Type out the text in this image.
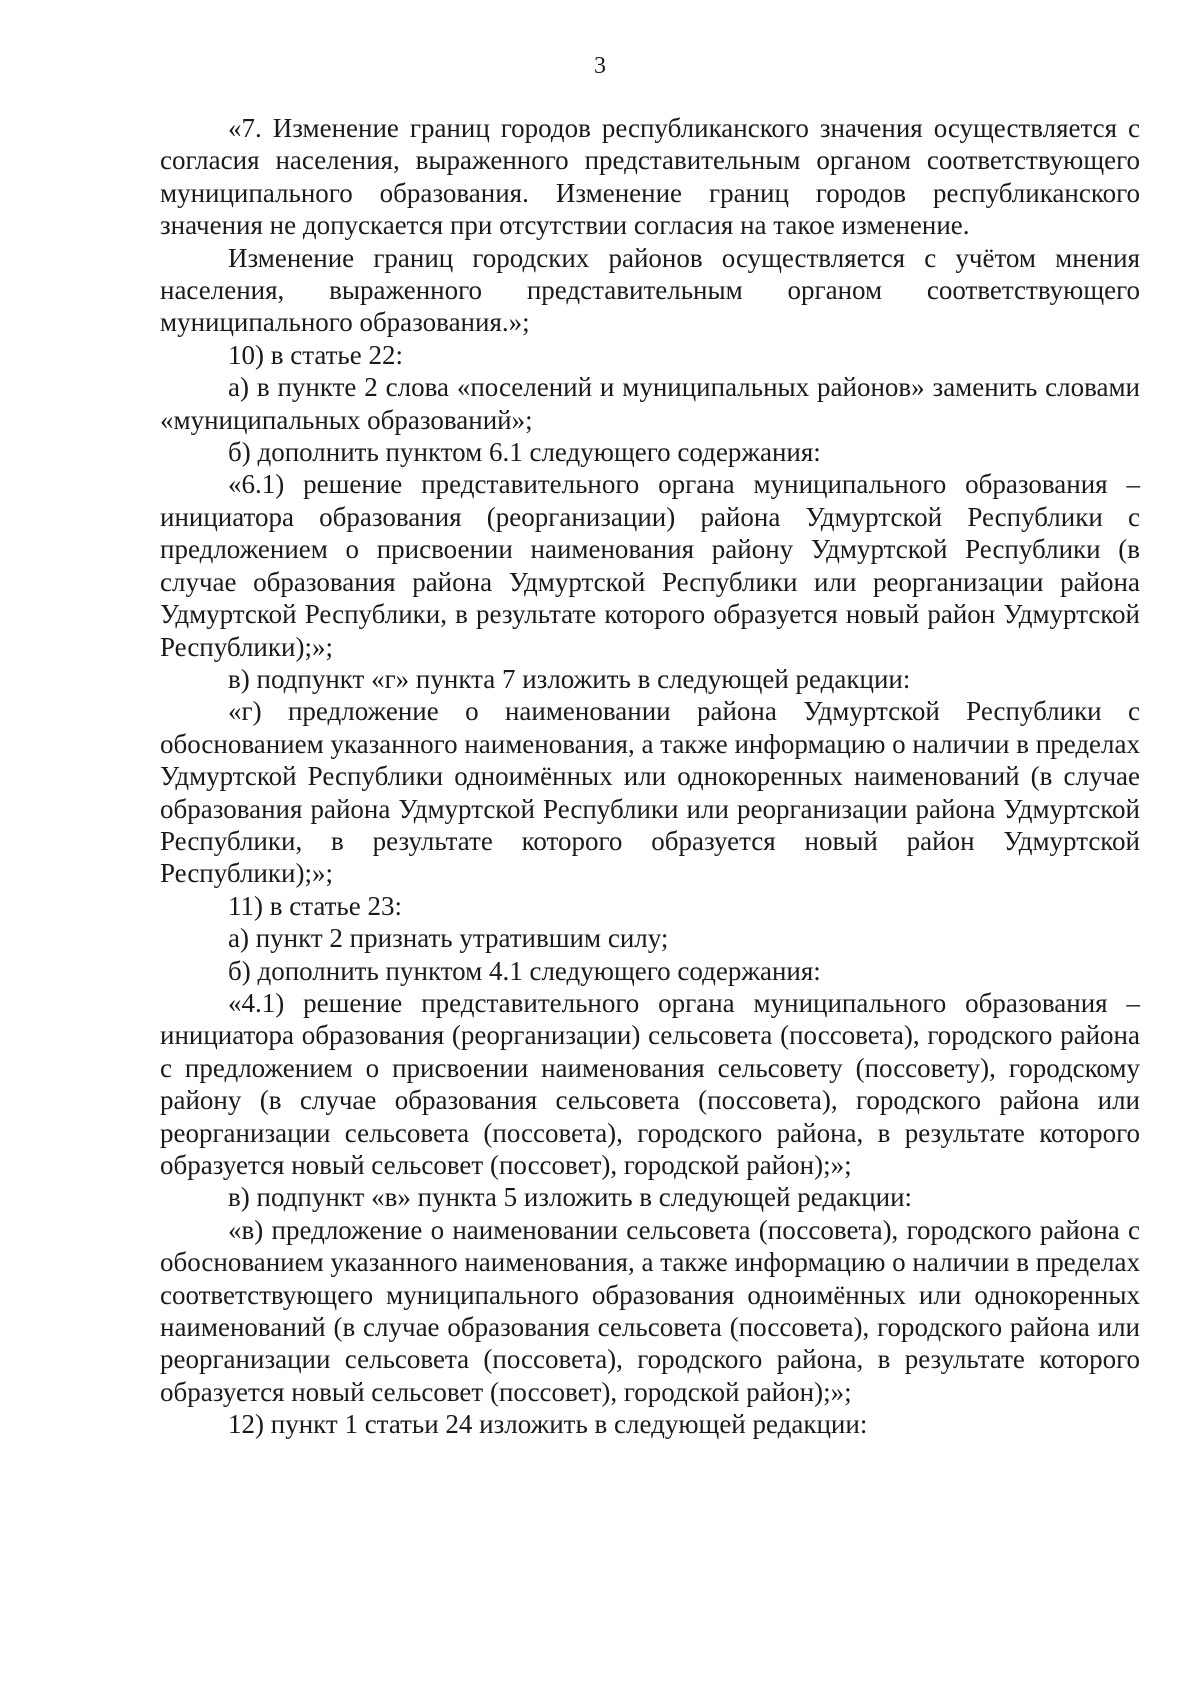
3

«7. Изменение границ городов республиканского значения осуществляется с согласия населения, выраженного представительным органом соответствующего муниципального образования. Изменение границ городов республиканского значения не допускается при отсутствии согласия на такое изменение.

Изменение границ городских районов осуществляется с учётом мнения населения, выраженного представительным органом соответствующего муниципального образования.»;

10) в статье 22:

а) в пункте 2 слова «поселений и муниципальных районов» заменить словами «муниципальных образований»;

б) дополнить пунктом 6.1 следующего содержания:

«6.1) решение представительного органа муниципального образования – инициатора образования (реорганизации) района Удмуртской Республики с предложением о присвоении наименования району Удмуртской Республики (в случае образования района Удмуртской Республики или реорганизации района Удмуртской Республики, в результате которого образуется новый район Удмуртской Республики);»;

в) подпункт «г» пункта 7 изложить в следующей редакции:

«г) предложение о наименовании района Удмуртской Республики с обоснованием указанного наименования, а также информацию о наличии в пределах Удмуртской Республики одноимённых или однокоренных наименований (в случае образования района Удмуртской Республики или реорганизации района Удмуртской Республики, в результате которого образуется новый район Удмуртской Республики);»;

11) в статье 23:

а) пункт 2 признать утратившим силу;

б) дополнить пунктом 4.1 следующего содержания:

«4.1) решение представительного органа муниципального образования – инициатора образования (реорганизации) сельсовета (поссовета), городского района с предложением о присвоении наименования сельсовету (поссовету), городскому району (в случае образования сельсовета (поссовета), городского района или реорганизации сельсовета (поссовета), городского района, в результате которого образуется новый сельсовет (поссовет), городской район);»;

в) подпункт «в» пункта 5 изложить в следующей редакции:

«в) предложение о наименовании сельсовета (поссовета), городского района с обоснованием указанного наименования, а также информацию о наличии в пределах соответствующего муниципального образования одноимённых или однокоренных наименований (в случае образования сельсовета (поссовета), городского района или реорганизации сельсовета (поссовета), городского района, в результате которого образуется новый сельсовет (поссовет), городской район);»;

12) пункт 1 статьи 24 изложить в следующей редакции:
